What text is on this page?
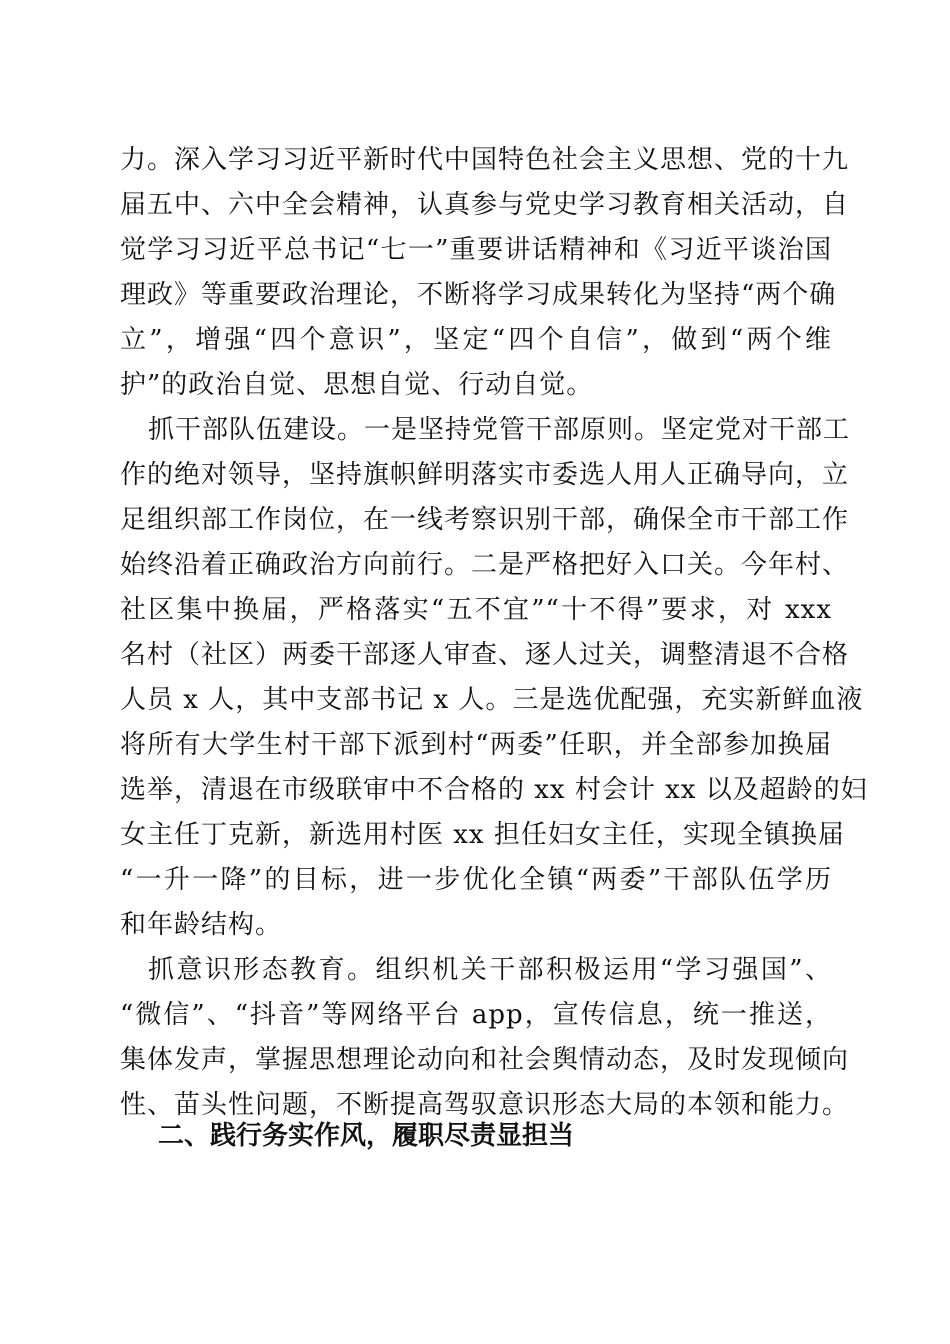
力。深入学习习近平新时代中国特色社会主义思想、党的十九
届五中、六中全会精神，认真参与党史学习教育相关活动，自
觉学习习近平总书记“七一”重要讲话精神和《习近平谈治国
理政》等重要政治理论，不断将学习成果转化为坚持“两个确
立”，增强“四个意识”，坚定“四个自信”，做到“两个维
护”的政治自觉、思想自觉、行动自觉。
抓干部队伍建设。一是坚持党管干部原则。坚定党对干部工
作的绝对领导，坚持旗帜鲜明落实市委选人用人正确导向，立
足组织部工作岗位，在一线考察识别干部，确保全市干部工作
始终沿着正确政治方向前行。二是严格把好入口关。今年村、
社区集中换届，严格落实“五不宜”“十不得”要求，对 xxx
名村（社区）两委干部逐人审查、逐人过关，调整清退不合格
人员 x 人，其中支部书记 x 人。三是选优配强，充实新鲜血液
将所有大学生村干部下派到村“两委”任职，并全部参加换届
选举，清退在市级联审中不合格的 xx 村会计 xx 以及超龄的妇
女主任丁克新，新选用村医 xx 担任妇女主任，实现全镇换届
“一升一降”的目标，进一步优化全镇“两委”干部队伍学历
和年龄结构。
抓意识形态教育。组织机关干部积极运用“学习强国”、
“微信”、“抖音”等网络平台 app，宣传信息，统一推送，
集体发声，掌握思想理论动向和社会舆情动态，及时发现倾向
性、苗头性问题，不断提高驾驭意识形态大局的本领和能力。
二、践行务实作风，履职尽责显担当
